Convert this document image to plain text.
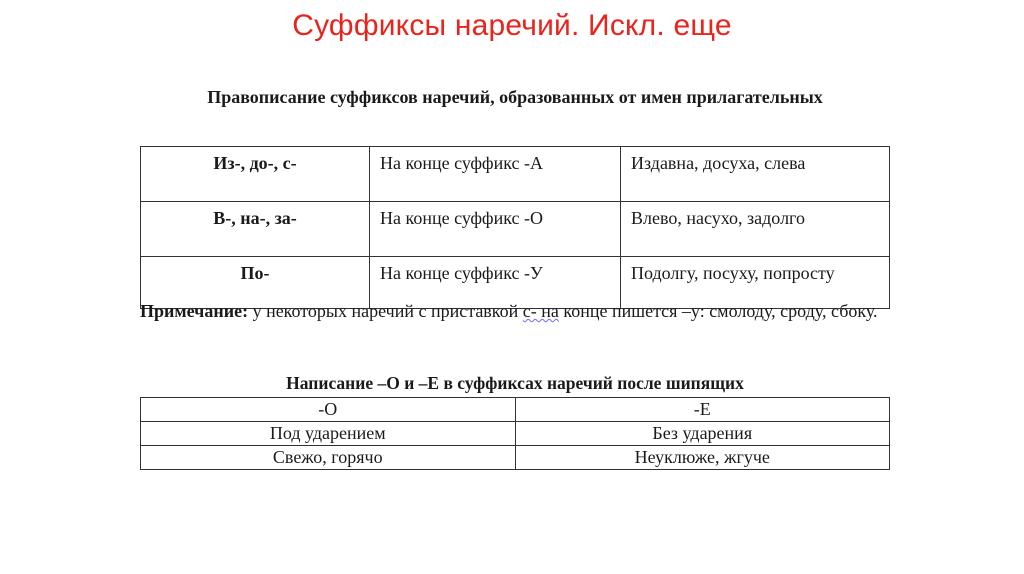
Суффиксы наречий. Искл. еще
Правописание суффиксов наречий, образованных от имен прилагательных
Из-, до-, с-	На конце суффикс -А	Издавна, досуха, слева
В-, на-, за-	На конце суффикс -О	Влево, насухо, задолго
По-	На конце суффикс -У	Подолгу, посуху, попросту
Примечание: у некоторых наречий с приставкой с- на конце пишется –у: смолоду, сроду, сбоку.
Написание –О и –Е в суффиксах наречий после шипящих
-О	-Е
Под ударением	Без ударения
Свежо, горячо	Неуклюже, жгуче
